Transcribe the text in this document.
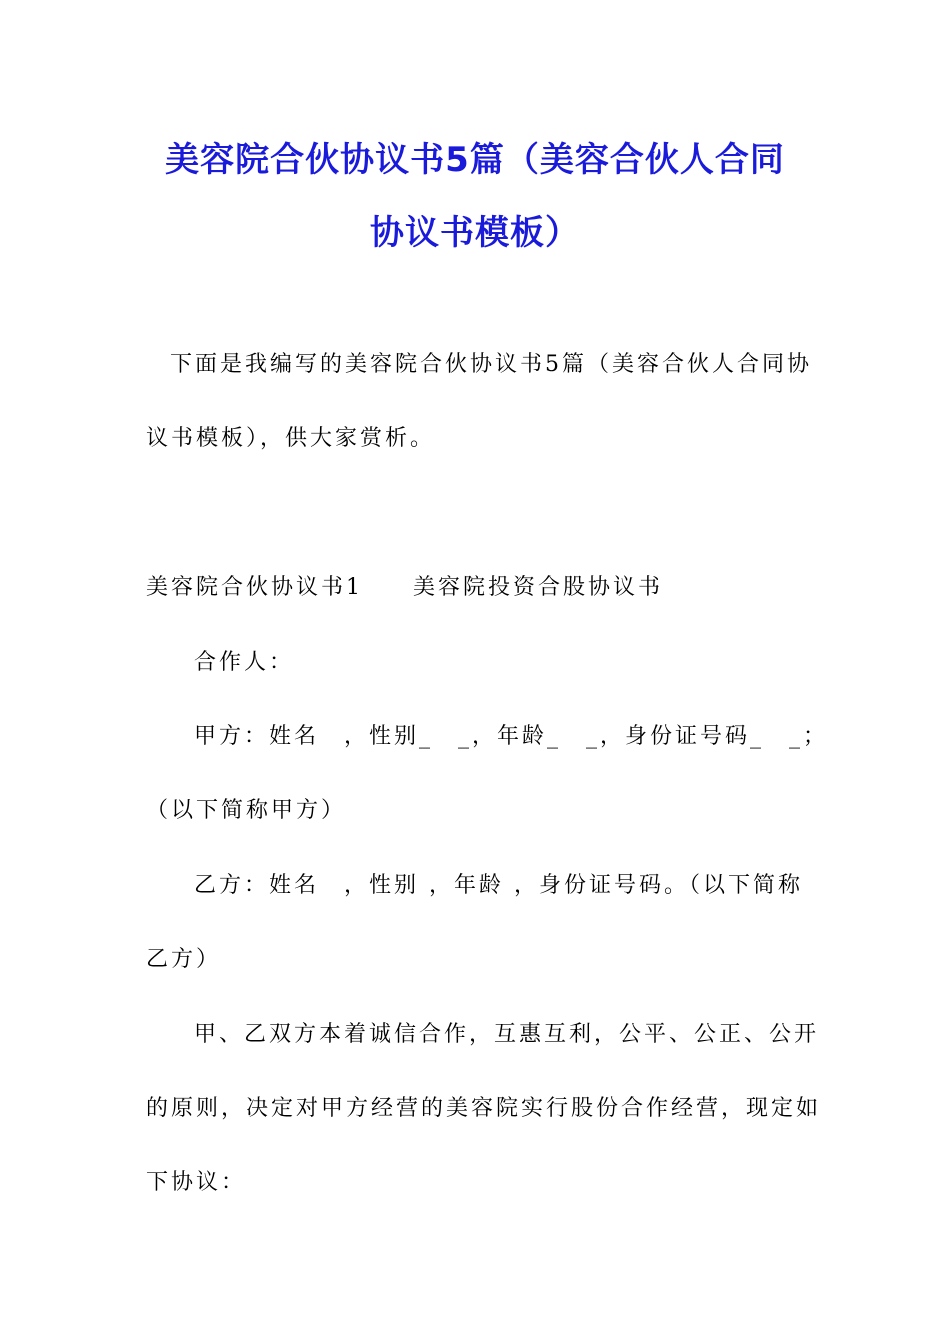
美容院合伙协议书5篇（美容合伙人合同
协议书模板）
下面是我编写的美容院合伙协议书5篇（美容合伙人合同协
议书模板），供大家赏析。
美容院合伙协议书1　　美容院投资合股协议书
合作人：
甲方：姓名　，性别_　_，年龄_　_，身份证号码_　_；
（以下简称甲方）
乙方：姓名　，性别 ，年龄 ，身份证号码。（以下简称
乙方）
甲、乙双方本着诚信合作，互惠互利，公平、公正、公开
的原则，决定对甲方经营的美容院实行股份合作经营，现定如
下协议：
